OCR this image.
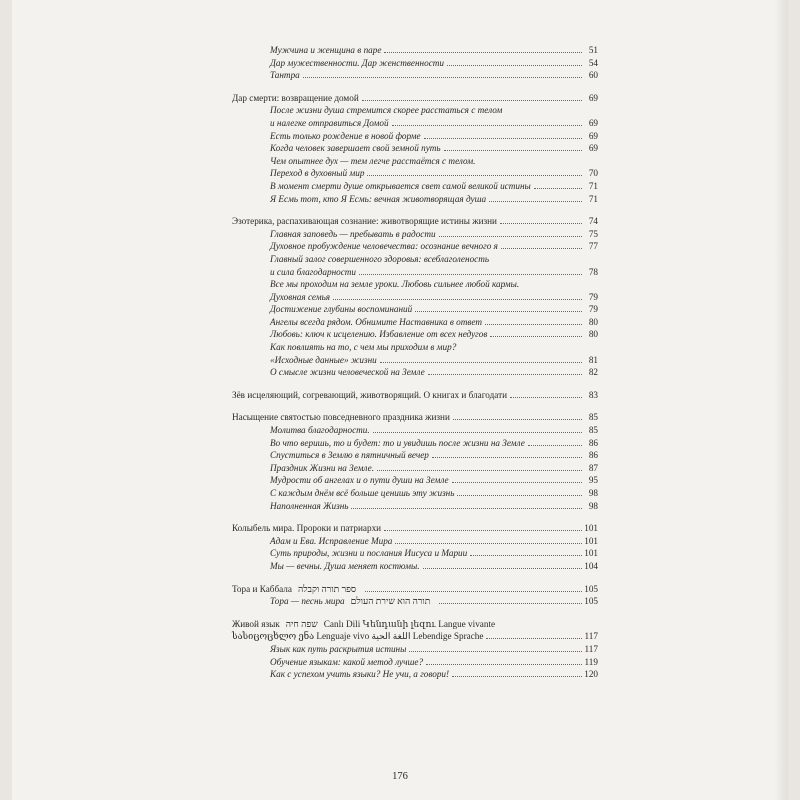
Мужчина и женщина в паре	51
Дар мужественности. Дар женственности	54
Тантра	60
Дар смерти: возвращение домой	69
После жизни душа стремится скорее расстаться с телом
и налегке отправиться Домой	69
Есть только рождение в новой форме	69
Когда человек завершает свой земной путь	69
Чем опытнее дух — тем легче расстаётся с телом.
Переход в духовный мир	70
В момент смерти душе открывается свет самой великой истины	71
Я Есмь тот, кто Я Есмь: вечная животворящая душа	71
Эзотерика, распахивающая сознание: животворящие истины жизни	74
Главная заповедь — пребывать в радости	75
Духовное пробуждение человечества: осознание вечного я	77
Главный залог совершенного здоровья: всеблаголеность
и сила благодарности	78
Все мы проходим на земле уроки. Любовь сильнее любой кармы.
Духовная семья	79
Достижение глубины воспоминаний	79
Ангелы всегда рядом. Обнимите Наставника в ответ	80
Любовь: ключ к исцелению. Избавление от всех недугов	80
Как повлиять на то, с чем мы приходим в мир?
«Исходные данные» жизни	81
О смысле жизни человеческой на Земле	82
Зёв исцеляющий, согревающий, животворящий. О книгах и благодати	83
Насыщение святостью повседневного праздника жизни	85
Молитва благодарности.	85
Во что веришь, то и будет: то и увидишь после жизни на Земле	86
Спуститься в Землю в пятничный вечер	86
Праздник Жизни на Земле.	87
Мудрости об ангелах и о пути души на Земле	95
С каждым днём всё больше ценишь эту жизнь	98
Наполненная Жизнь	98
Колыбель мира. Пророки и патриархи	101
Адам и Ева. Исправление Мира	101
Суть природы, жизни и послания Иисуса и Марии	101
Мы — вечны. Душа меняет костюмы.	104
Тора и Каббала ספר תורה וקבלה	105
Тора — песнь мира תורה הוא שירת העולם	105
Живой язык שפה חיה Canlı Dili Կենդանի լեզու Langue vivante
სასიცოცხლო ენა Lenguaje vivo اللغة الحية Lebendige Sprache	117
Язык как путь раскрытия истины	117
Обучение языкам: какой метод лучше?	119
Как с успехом учить языки? Не учи, а говори!	120
176
